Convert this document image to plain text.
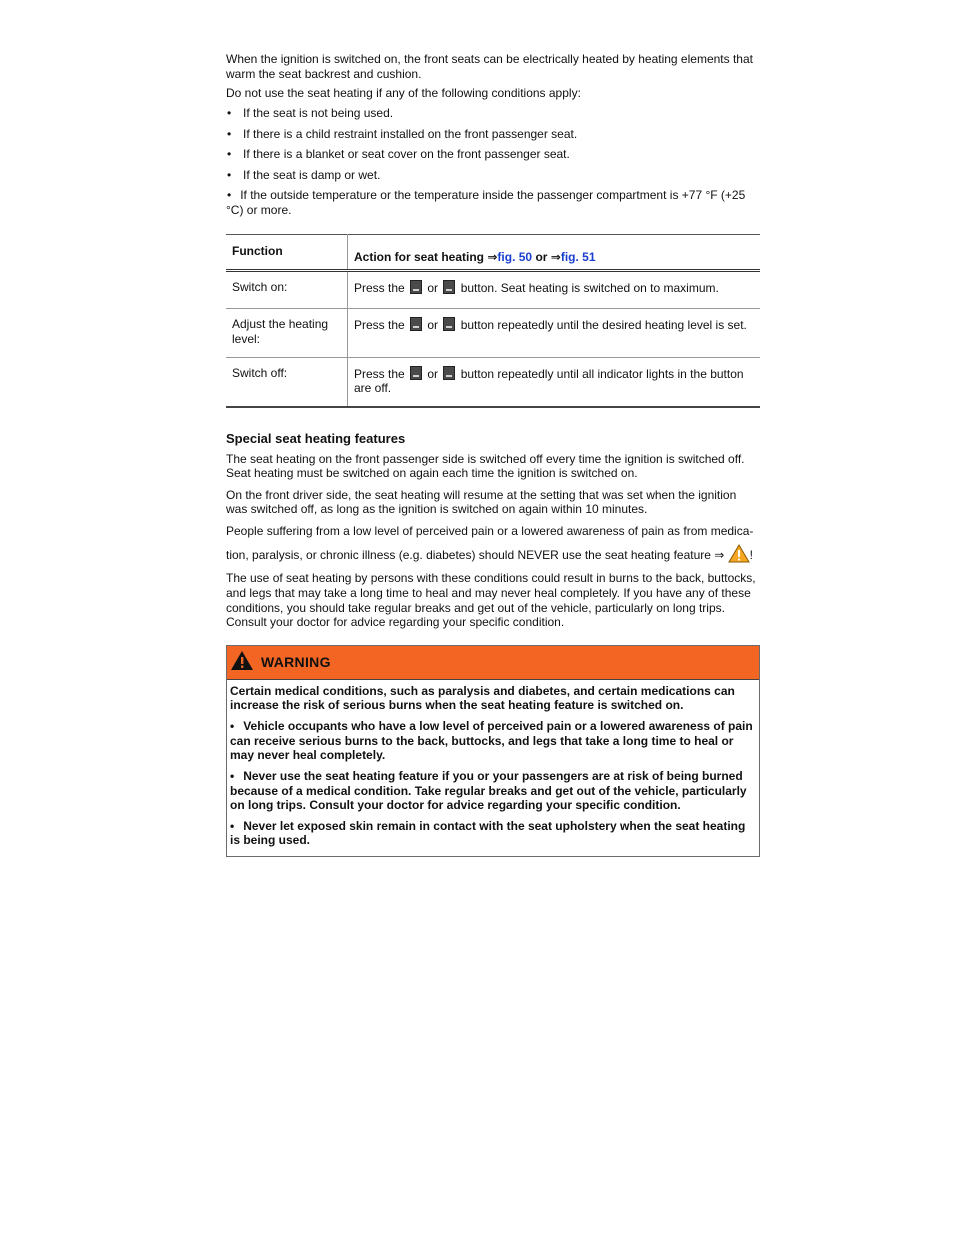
When the ignition is switched on, the front seats can be electrically heated by heating elements that warm the seat backrest and cushion.

Do not use the seat heating if any of the following conditions apply:

• If the seat is not being used.
• If there is a child restraint installed on the front passenger seat.
• If there is a blanket or seat cover on the front passenger seat.
• If the seat is damp or wet.
• If the outside temperature or the temperature inside the passenger compartment is +77 °F (+25 °C) or more.
Function	Action for seat heating ⇒fig. 50 or ⇒fig. 51
Switch on:	Press the  or  button. Seat heating is switched on to maximum.
Adjust the heating level:	Press the  or  button repeatedly until the desired heating level is set.
Switch off:	Press the  or  button repeatedly until all indicator lights in the button are off.
Special seat heating features

The seat heating on the front passenger side is switched off every time the ignition is switched off. Seat heating must be switched on again each time the ignition is switched on.

On the front driver side, the seat heating will resume at the setting that was set when the ignition was switched off, as long as the ignition is switched on again within 10 minutes.

People suffering from a low level of perceived pain or a lowered awareness of pain as from medica-

tion, paralysis, or chronic illness (e.g. diabetes) should NEVER use the seat heating feature ⇒ !

The use of seat heating by persons with these conditions could result in burns to the back, buttocks, and legs that may take a long time to heal and may never heal completely. If you have any of these conditions, you should take regular breaks and get out of the vehicle, particularly on long trips. Consult your doctor for advice regarding your specific condition.

WARNING

Certain medical conditions, such as paralysis and diabetes, and certain medications can increase the risk of serious burns when the seat heating feature is switched on.

• Vehicle occupants who have a low level of perceived pain or a lowered awareness of pain can receive serious burns to the back, buttocks, and legs that take a long time to heal or may never heal completely.

• Never use the seat heating feature if you or your passengers are at risk of being burned because of a medical condition. Take regular breaks and get out of the vehicle, particularly on long trips. Consult your doctor for advice regarding your specific condition.

• Never let exposed skin remain in contact with the seat upholstery when the seat heating is being used.
